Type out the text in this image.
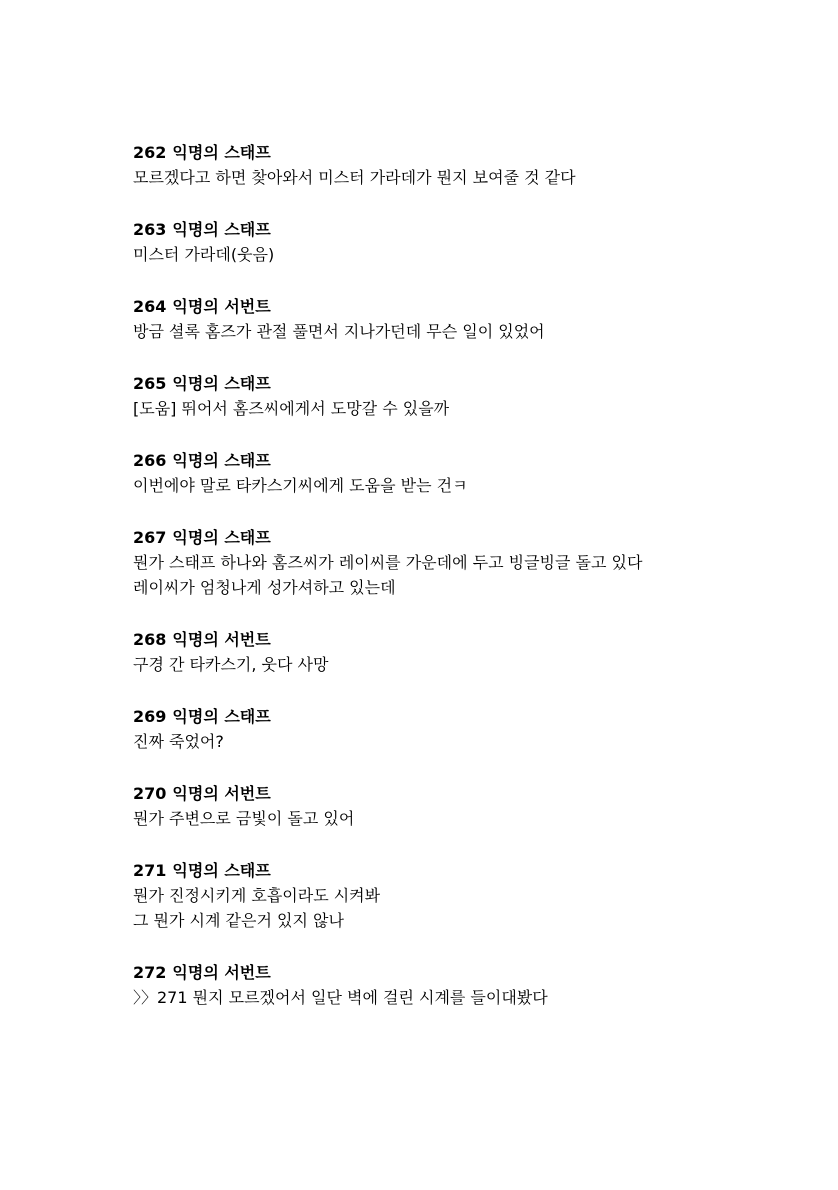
262 익명의 스태프
모르겠다고 하면 찾아와서 미스터 가라데가 뭔지 보여줄 것 같다
263 익명의 스태프
미스터 가라데(웃음)
264 익명의 서번트
방금 셜록 홈즈가 관절 풀면서 지나가던데 무슨 일이 있었어
265 익명의 스태프
[도움] 뛰어서 홈즈씨에게서 도망갈 수 있을까
266 익명의 스태프
이번에야 말로 타카스기씨에게 도움을 받는 건ㅋ
267 익명의 스태프
뭔가 스태프 하나와 홈즈씨가 레이씨를 가운데에 두고 빙글빙글 돌고 있다
레이씨가 엄청나게 성가셔하고 있는데
268 익명의 서번트
구경 간 타카스기, 웃다 사망
269 익명의 스태프
진짜 죽었어?
270 익명의 서번트
뭔가 주변으로 금빛이 돌고 있어
271 익명의 스태프
뭔가 진정시키게 호흡이라도 시켜봐
그 뭔가 시계 같은거 있지 않나
272 익명의 서번트
〉〉271 뭔지 모르겠어서 일단 벽에 걸린 시계를 들이대봤다
